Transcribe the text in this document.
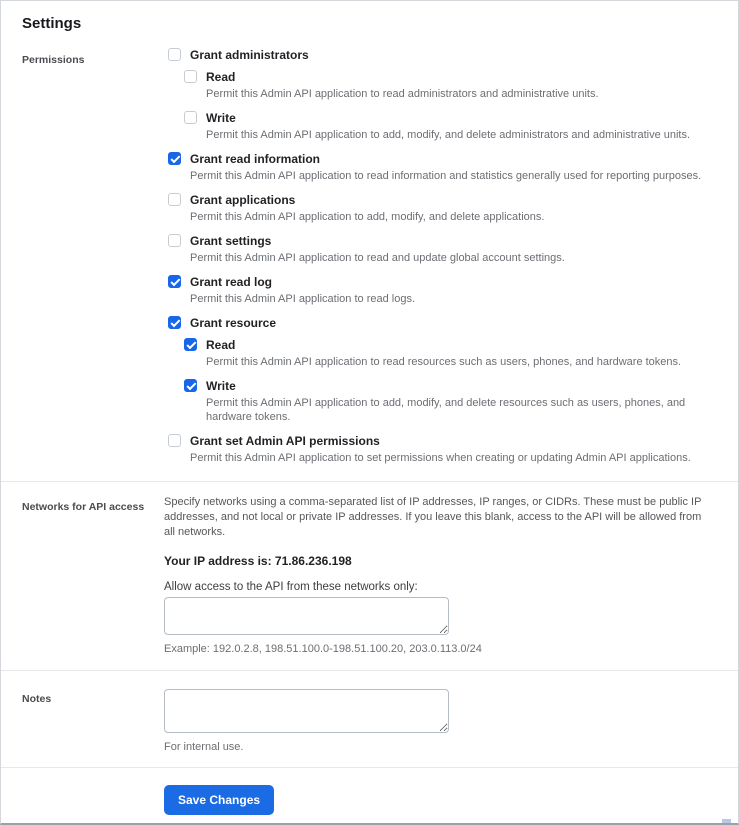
Settings
Permissions	Grant administrators
Read
Permit this Admin API application to read administrators and administrative units.
Write
Permit this Admin API application to add, modify, and delete administrators and administrative units.
Grant read information
Permit this Admin API application to read information and statistics generally used for reporting purposes.
Grant applications
Permit this Admin API application to add, modify, and delete applications.
Grant settings
Permit this Admin API application to read and update global account settings.
Grant read log
Permit this Admin API application to read logs.
Grant resource
Read
Permit this Admin API application to read resources such as users, phones, and hardware tokens.
Write
Permit this Admin API application to add, modify, and delete resources such as users, phones, and hardware tokens.
Grant set Admin API permissions
Permit this Admin API application to set permissions when creating or updating Admin API applications.
Networks for API access	Specify networks using a comma-separated list of IP addresses, IP ranges, or CIDRs. These must be public IP addresses, and not local or private IP addresses. If you leave this blank, access to the API will be allowed from all networks.

Your IP address is: 71.86.236.198
Allow access to the API from these networks only:
Example: 192.0.2.8, 198.51.100.0-198.51.100.20, 203.0.113.0/24
Notes
For internal use.
Save Changes
